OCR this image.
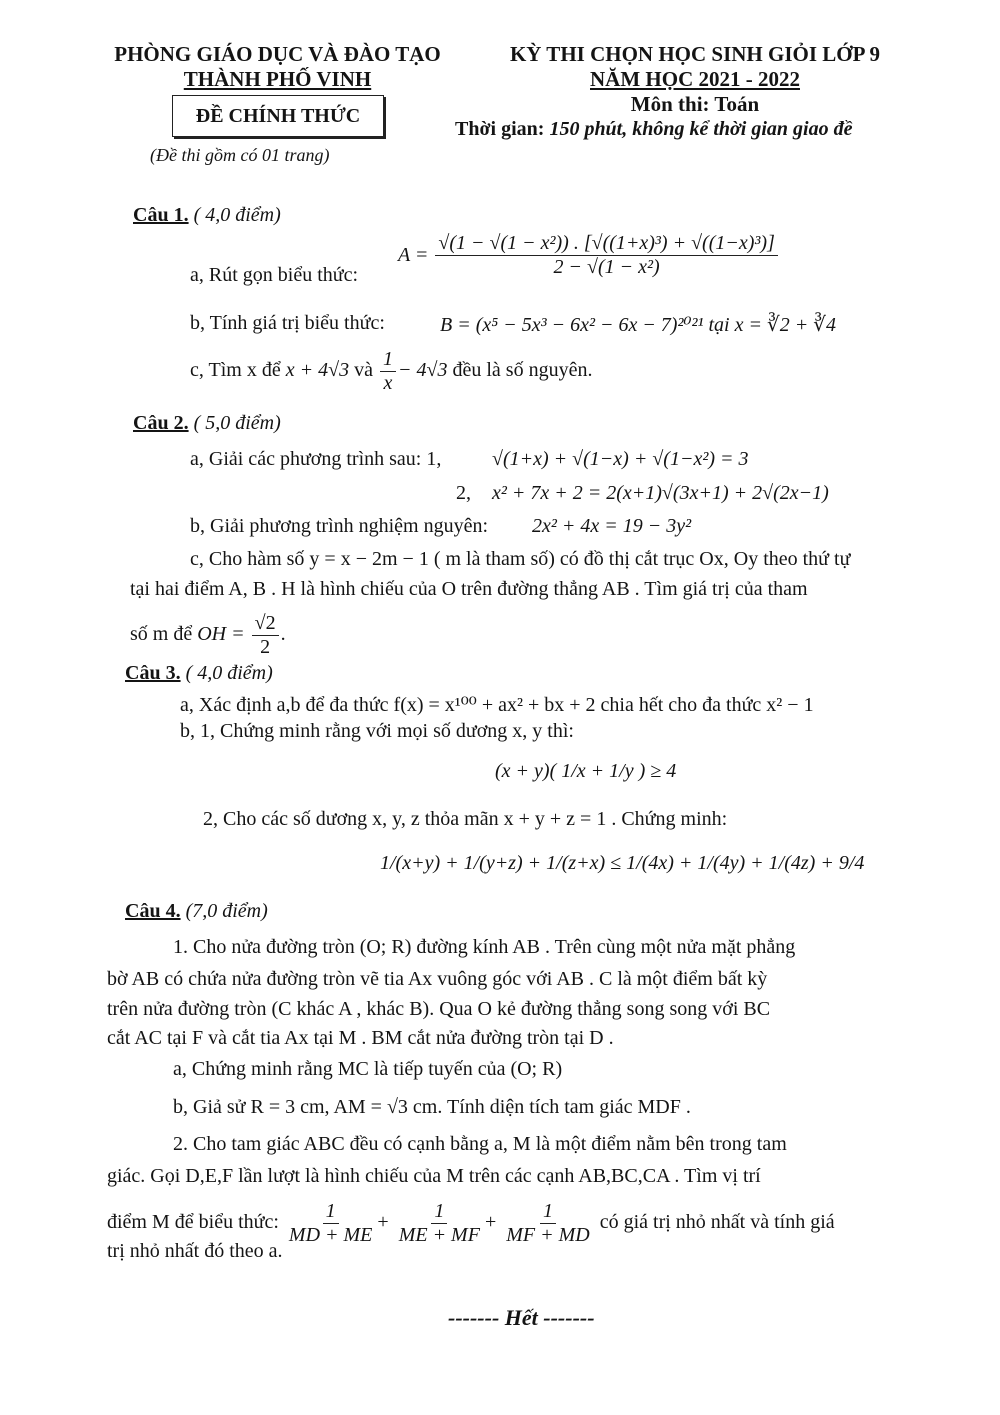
PHÒNG GIÁO DỤC VÀ ĐÀO TẠO
THÀNH PHỐ VINH
ĐỀ CHÍNH THỨC
(Đề thi gồm có 01 trang)
KỲ THI CHỌN HỌC SINH GIỎI LỚP 9
NĂM HỌC 2021 - 2022
Môn thi: Toán
Thời gian: 150 phút, không kể thời gian giao đề
Câu 1. ( 4,0 điểm)
a, Rút gọn biểu thức:
$A = \frac{\text{√(1 − √(1 − x²)) . [√((1+x)³) + √((1−x)³)]}}{\text{2 − √(1 − x²)}}$
b, Tính giá trị biểu thức:	B = (x⁵ − 5x³ − 6x² − 6x − 7)²⁰²¹ tại x = ∛2 + ∛4
c, Tìm x để x + 4√3 và $\frac{1}{x} - 4√3$ đều là số nguyên.
Câu 2. ( 5,0 điểm)
a, Giải các phương trình sau: 1,	√(1+x) + √(1−x) + √(1−x²) = 3
2, x² + 7x + 2 = 2(x+1)√(3x+1) + 2√(2x−1)
b, Giải phương trình nghiệm nguyên: 2x² + 4x = 19 − 3y²
c, Cho hàm số y = x − 2m − 1 ( m là tham số) có đồ thị cắt trục Ox, Oy theo thứ tự
tại hai điểm A, B . H là hình chiếu của O trên đường thẳng AB . Tìm giá trị của tham
số m để OH = $\frac{√2}{2}$ .
Câu 3. ( 4,0 điểm)
a, Xác định a,b để đa thức f(x) = x¹⁰⁰ + ax² + bx + 2 chia hết cho đa thức x² − 1
b, 1, Chứng minh rằng với mọi số dương x, y thì:
(x + y)( 1/x + 1/y ) ≥ 4
2, Cho các số dương x, y, z thỏa mãn x + y + z = 1 . Chứng minh:
1/(x+y) + 1/(y+z) + 1/(z+x) ≤ 1/(4x) + 1/(4y) + 1/(4z) + 9/4
Câu 4. (7,0 điểm)
1. Cho nửa đường tròn (O; R) đường kính AB . Trên cùng một nửa mặt phẳng
bờ AB có chứa nửa đường tròn vẽ tia Ax vuông góc với AB . C là một điểm bất kỳ
trên nửa đường tròn (C khác A , khác B). Qua O kẻ đường thẳng song song với BC
cắt AC tại F và cắt tia Ax tại M . BM cắt nửa đường tròn tại D .
a, Chứng minh rằng MC là tiếp tuyến của (O; R)
b, Giả sử R = 3 cm, AM = √3 cm. Tính diện tích tam giác MDF .
2. Cho tam giác ABC đều có cạnh bằng a, M là một điểm nằm bên trong tam
giác. Gọi D,E,F lần lượt là hình chiếu của M trên các cạnh AB,BC,CA . Tìm vị trí
điểm M để biểu thức: $\frac{1}{MD + ME} + \frac{1}{ME + MF} + \frac{1}{MF + MD}$ có giá trị nhỏ nhất và tính giá
trị nhỏ nhất đó theo a.
------- Hết -------
